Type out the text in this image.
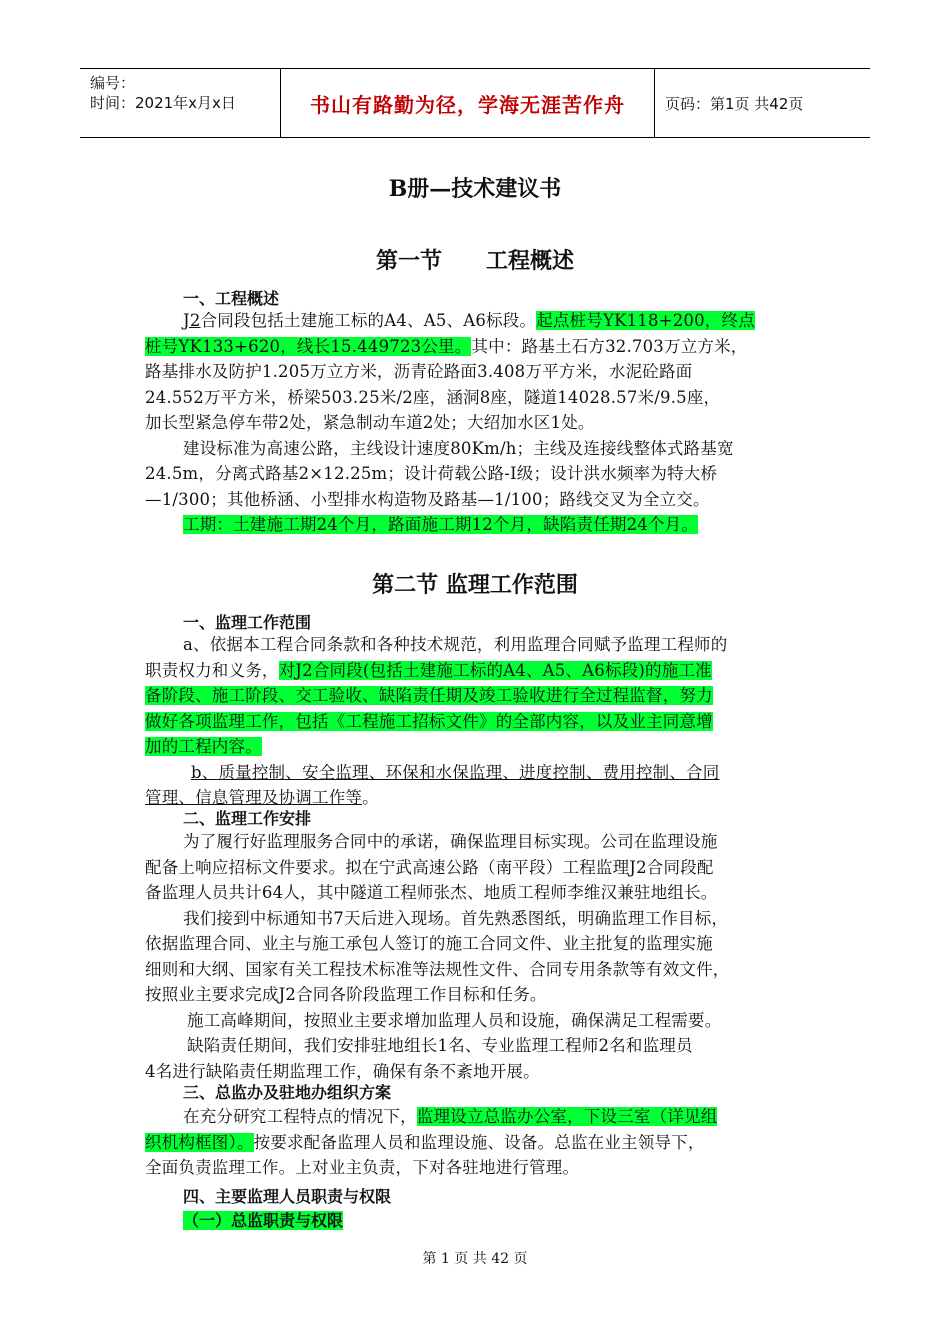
编号：
时间：2021年x月x日	书山有路勤为径，学海无涯苦作舟	页码：第1页 共42页
B册—技术建议书
第一节　　工程概述
一、工程概述
J2合同段包括土建施工标的A4、A5、A6标段。起点桩号YK118+200，终点
桩号YK133+620，线长15.449723公里。其中：路基土石方32.703万立方米，
路基排水及防护1.205万立方米，沥青砼路面3.408万平方米，水泥砼路面
24.552万平方米，桥梁503.25米/2座，涵洞8座，隧道14028.57米/9.5座，
加长型紧急停车带2处，紧急制动车道2处；大绍加水区1处。
建设标准为高速公路，主线设计速度80Km/h；主线及连接线整体式路基宽
24.5m，分离式路基2×12.25m；设计荷载公路-Ⅰ级；设计洪水频率为特大桥
—1/300；其他桥涵、小型排水构造物及路基—1/100；路线交叉为全立交。
工期：土建施工期24个月，路面施工期12个月，缺陷责任期24个月。
第二节 监理工作范围
一、监理工作范围
a、依据本工程合同条款和各种技术规范，利用监理合同赋予监理工程师的
职责权力和义务，对J2合同段(包括土建施工标的A4、A5、A6标段)的施工准
备阶段、施工阶段、交工验收、缺陷责任期及竣工验收进行全过程监督，努力
做好各项监理工作，包括《工程施工招标文件》的全部内容，以及业主同意增
加的工程内容。
b、质量控制、安全监理、环保和水保监理、进度控制、费用控制、合同
管理、信息管理及协调工作等。
二、监理工作安排
为了履行好监理服务合同中的承诺，确保监理目标实现。公司在监理设施
配备上响应招标文件要求。拟在宁武高速公路（南平段）工程监理J2合同段配
备监理人员共计64人，其中隧道工程师张杰、地质工程师李维汉兼驻地组长。
我们接到中标通知书7天后进入现场。首先熟悉图纸，明确监理工作目标，
依据监理合同、业主与施工承包人签订的施工合同文件、业主批复的监理实施
细则和大纲、国家有关工程技术标准等法规性文件、合同专用条款等有效文件，
按照业主要求完成J2合同各阶段监理工作目标和任务。
施工高峰期间，按照业主要求增加监理人员和设施，确保满足工程需要。
缺陷责任期间，我们安排驻地组长1名、专业监理工程师2名和监理员
4名进行缺陷责任期监理工作，确保有条不紊地开展。
三、总监办及驻地办组织方案
在充分研究工程特点的情况下，监理设立总监办公室，下设三室（详见组
织机构框图）。按要求配备监理人员和监理设施、设备。总监在业主领导下，
全面负责监理工作。上对业主负责，下对各驻地进行管理。
四、主要监理人员职责与权限
（一）总监职责与权限
第 1 页 共 42 页
